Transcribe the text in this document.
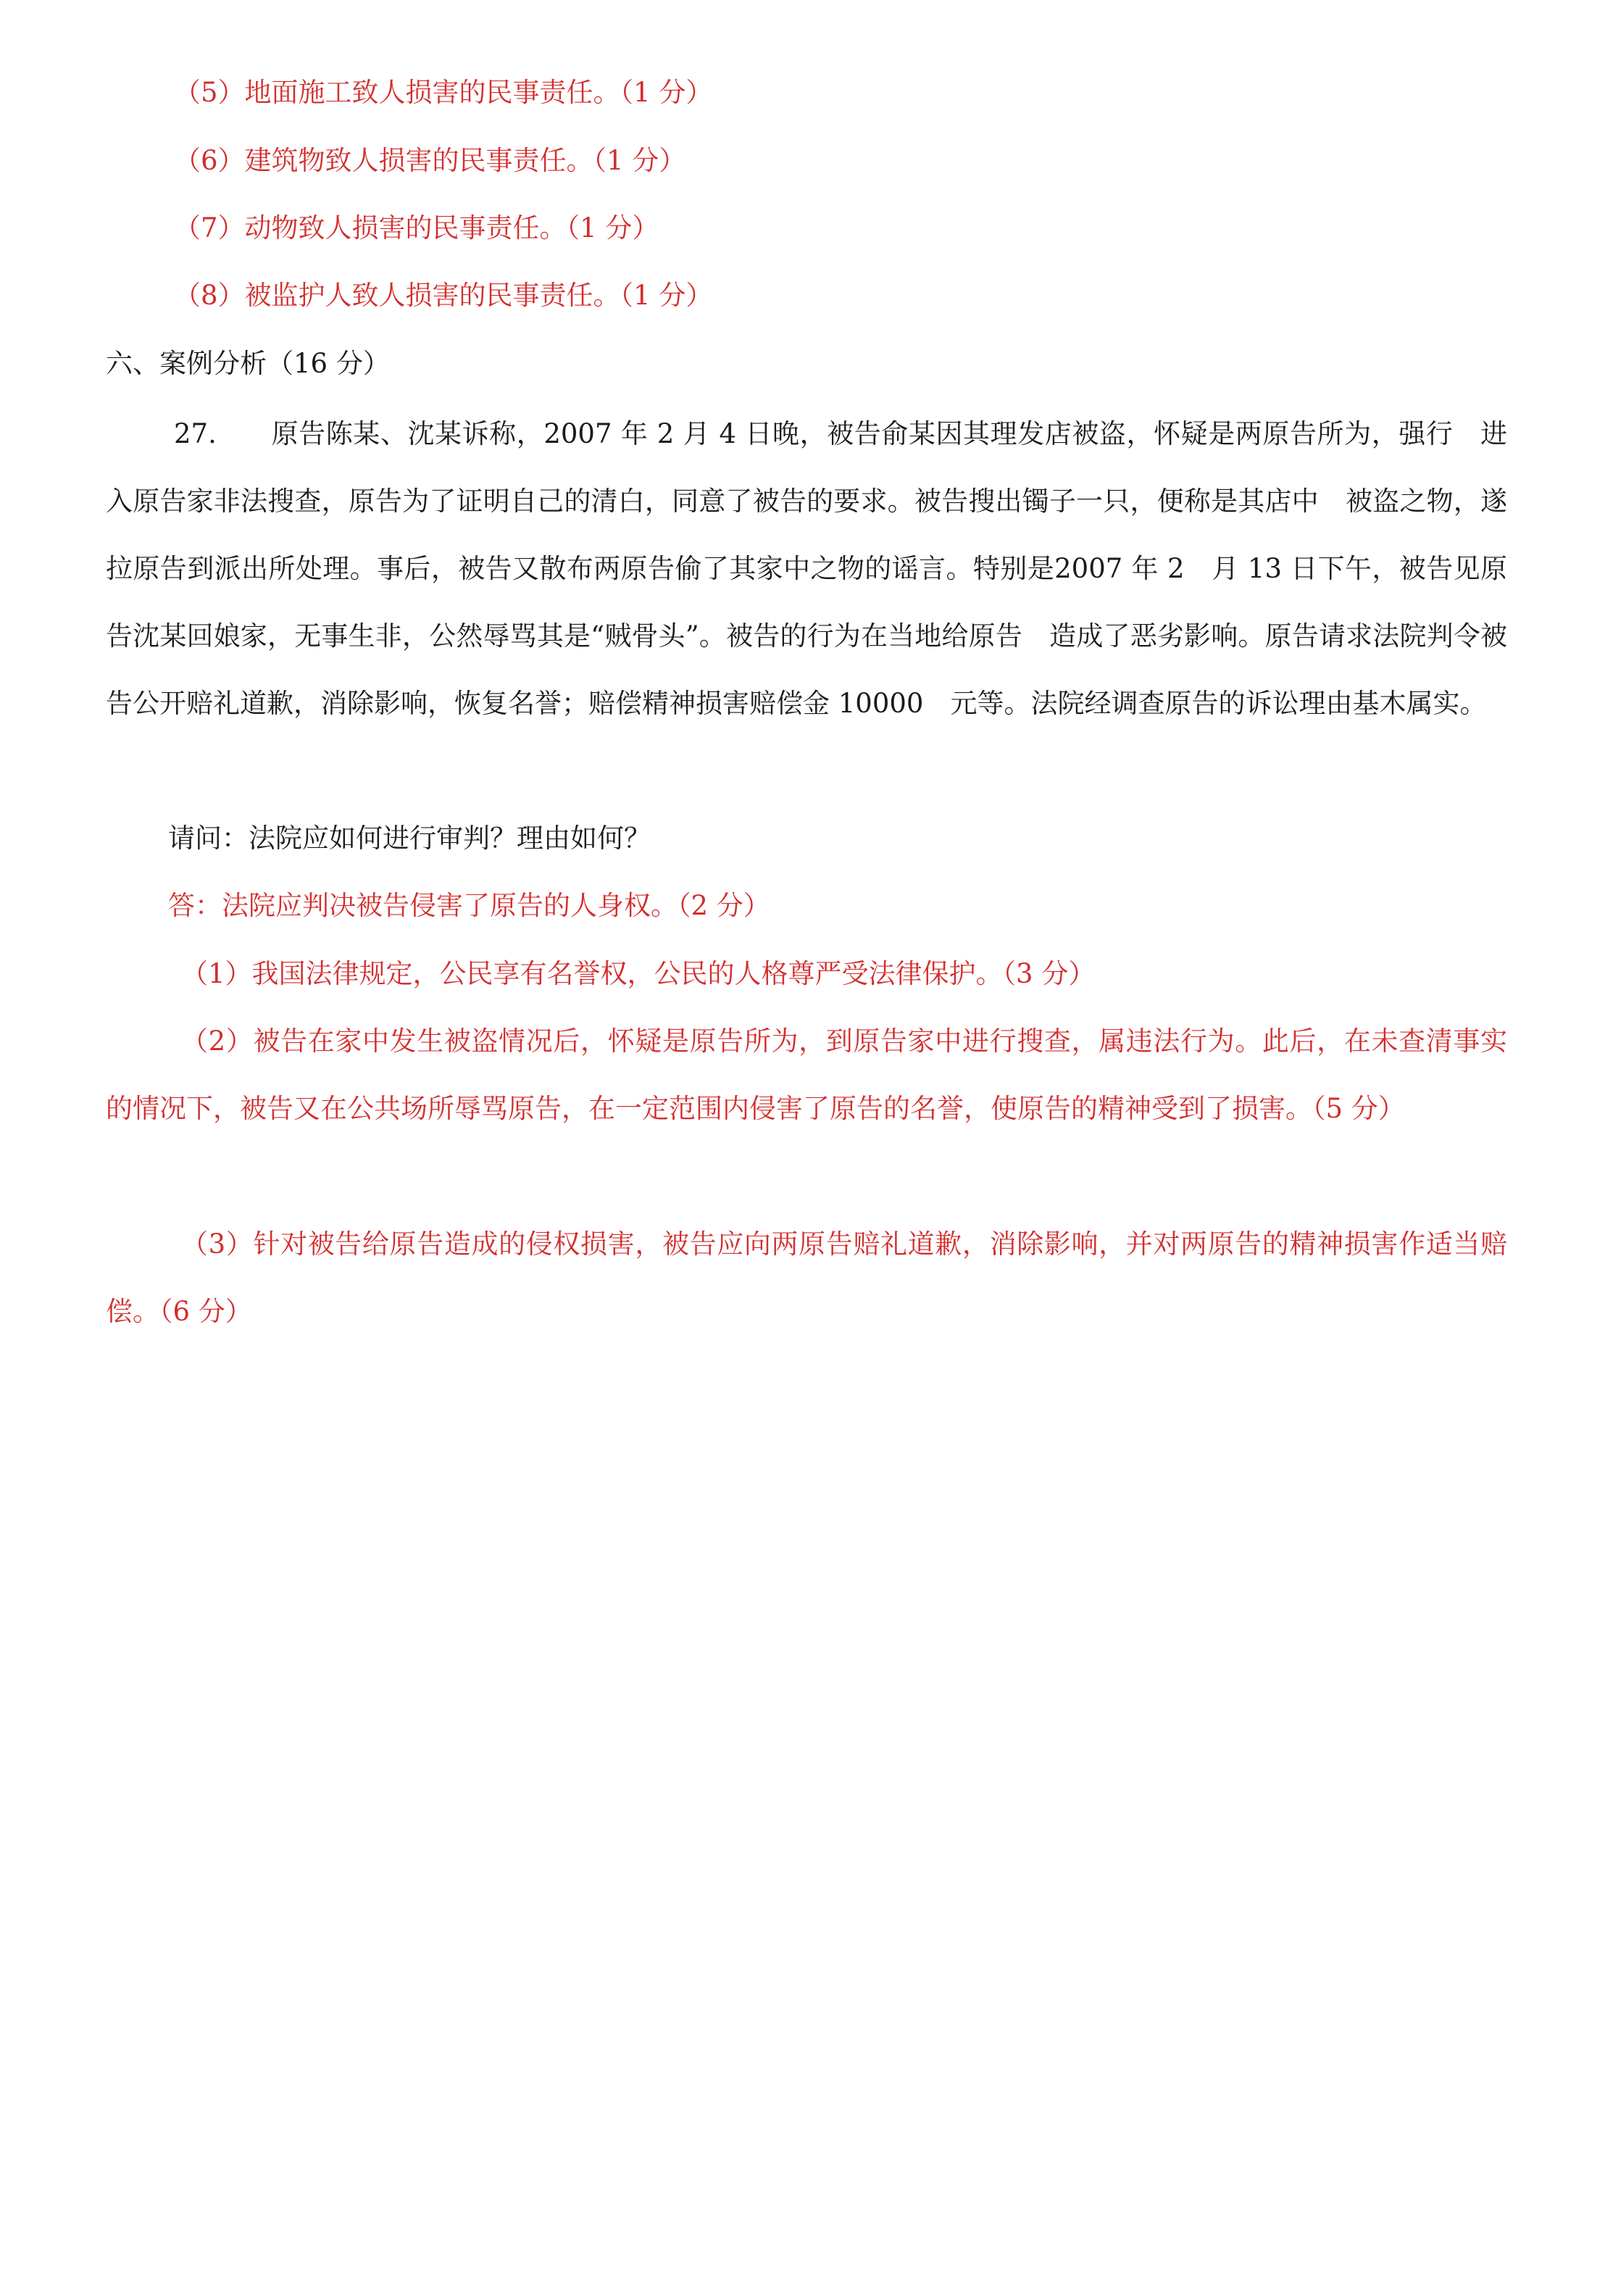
（5）地面施工致人损害的民事责任。（1 分）
（6）建筑物致人损害的民事责任。（1 分）
（7）动物致人损害的民事责任。（1 分）
（8）被监护人致人损害的民事责任。（1 分）
六、案例分析（16 分）
27.　　原告陈某、沈某诉称，2007 年 2 月 4 日晚，被告俞某因其理发店被盗，怀疑是两原告所为，强行　进入原告家非法搜查，原告为了证明自己的清白，同意了被告的要求。被告搜出镯子一只，便称是其店中　被盗之物，遂拉原告到派出所处理。事后，被告又散布两原告偷了其家中之物的谣言。特别是2007 年 2　月 13 日下午，被告见原告沈某回娘家，无事生非，公然辱骂其是“贼骨头”。被告的行为在当地给原告　造成了恶劣影响。原告请求法院判令被告公开赔礼道歉，消除影响，恢复名誉；赔偿精神损害赔偿金 10000　元等。法院经调查原告的诉讼理由基木属实。
请问：法院应如何进行审判？理由如何？
答：法院应判决被告侵害了原告的人身权。（2 分）
（1）我国法律规定，公民享有名誉权，公民的人格尊严受法律保护。（3 分）
（2）被告在家中发生被盗情况后，怀疑是原告所为，到原告家中进行搜查，属违法行为。此后，在未查清事实的情况下，被告又在公共场所辱骂原告，在一定范围内侵害了原告的名誉，使原告的精神受到了损害。（5 分）
（3）针对被告给原告造成的侵权损害，被告应向两原告赔礼道歉，消除影响，并对两原告的精神损害作适当赔偿。（6 分）
